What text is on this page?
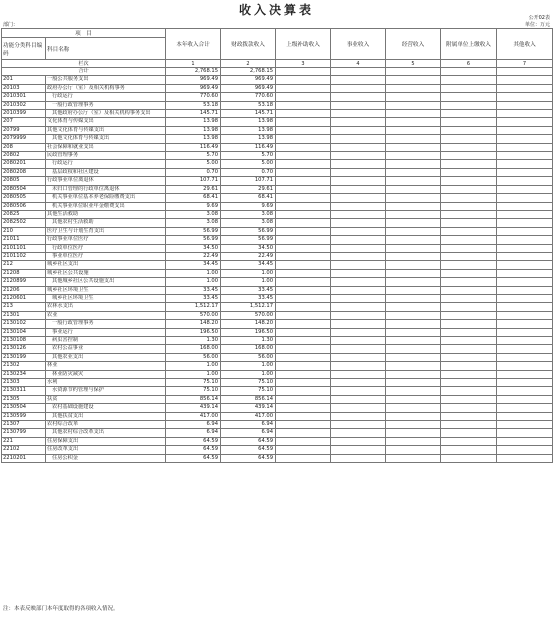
收入决算表
公开02表
单位：万元
部门：
项　目		本年收入合计	财政拨款收入	上级补助收入	事业收入	经营收入	附属单位上缴收入	其他收入
功能分类科目编码	科目名称							
栏次		1	2	3	4	5	6	7
合计		2,768.15	2,768.15					
201	一般公共服务支出	969.49	969.49					
20103	政府办公厅（室）及相关机构事务	969.49	969.49					
2010301	行政运行	770.60	770.60					
2010302	一般行政管理事务	53.18	53.18					
2010399	其他政府办公厅（室）及相关机构事务支出	145.71	145.71					
207	文化体育与传媒支出	13.98	13.98					
20799	其他文化体育与传媒支出	13.98	13.98					
2079999	其他文化体育与传媒支出	13.98	13.98					
208	社会保障和就业支出	116.49	116.49					
20802	民政管理事务	5.70	5.70					
2080201	行政运行	5.00	5.00					
2080208	基层政权和社区建设	0.70	0.70					
20805	行政事业单位离退休	107.71	107.71					
2080504	未归口管理的行政单位离退休	29.61	29.61					
2080505	机关事业单位基本养老保险缴费支出	68.41	68.41					
2080506	机关事业单位职业年金缴费支出	9.69	9.69					
20825	其他生活救助	3.08	3.08					
2082502	其他农村生活救助	3.08	3.08					
210	医疗卫生与计划生育支出	56.99	56.99					
21011	行政事业单位医疗	56.99	56.99					
2101101	行政单位医疗	34.50	34.50					
2101102	事业单位医疗	22.49	22.49					
212	城乡社区支出	34.45	34.45					
21208	城乡社区公共设施	1.00	1.00					
2120899	其他城乡社区公共设施支出	1.00	1.00					
21206	城乡社区环境卫生	33.45	33.45					
2120601	城乡社区环境卫生	33.45	33.45					
213	农林水支出	1,512.17	1,512.17					
21301	农业	570.00	570.00					
2130102	一般行政管理事务	148.20	148.20					
2130104	事业运行	196.50	196.50					
2130108	病虫害控制	1.30	1.30					
2130126	农村公益事业	168.00	168.00					
2130199	其他农业支出	56.00	56.00					
21302	林业	1.00	1.00					
2130234	林业防灾减灾	1.00	1.00					
21303	水利	75.10	75.10					
2130311	水资源节约管理与保护	75.10	75.10					
21305	扶贫	856.14	856.14					
2130504	农村基础设施建设	439.14	439.14					
2130599	其他扶贫支出	417.00	417.00					
21307	农村综合改革	6.94	6.94					
2130799	其他农村综合改革支出	6.94	6.94					
221	住房保障支出	64.59	64.59					
22102	住房改革支出	64.59	64.59					
2210201	住房公积金	64.59	64.59					
注：本表反映部门本年度取得的各项收入情况。
